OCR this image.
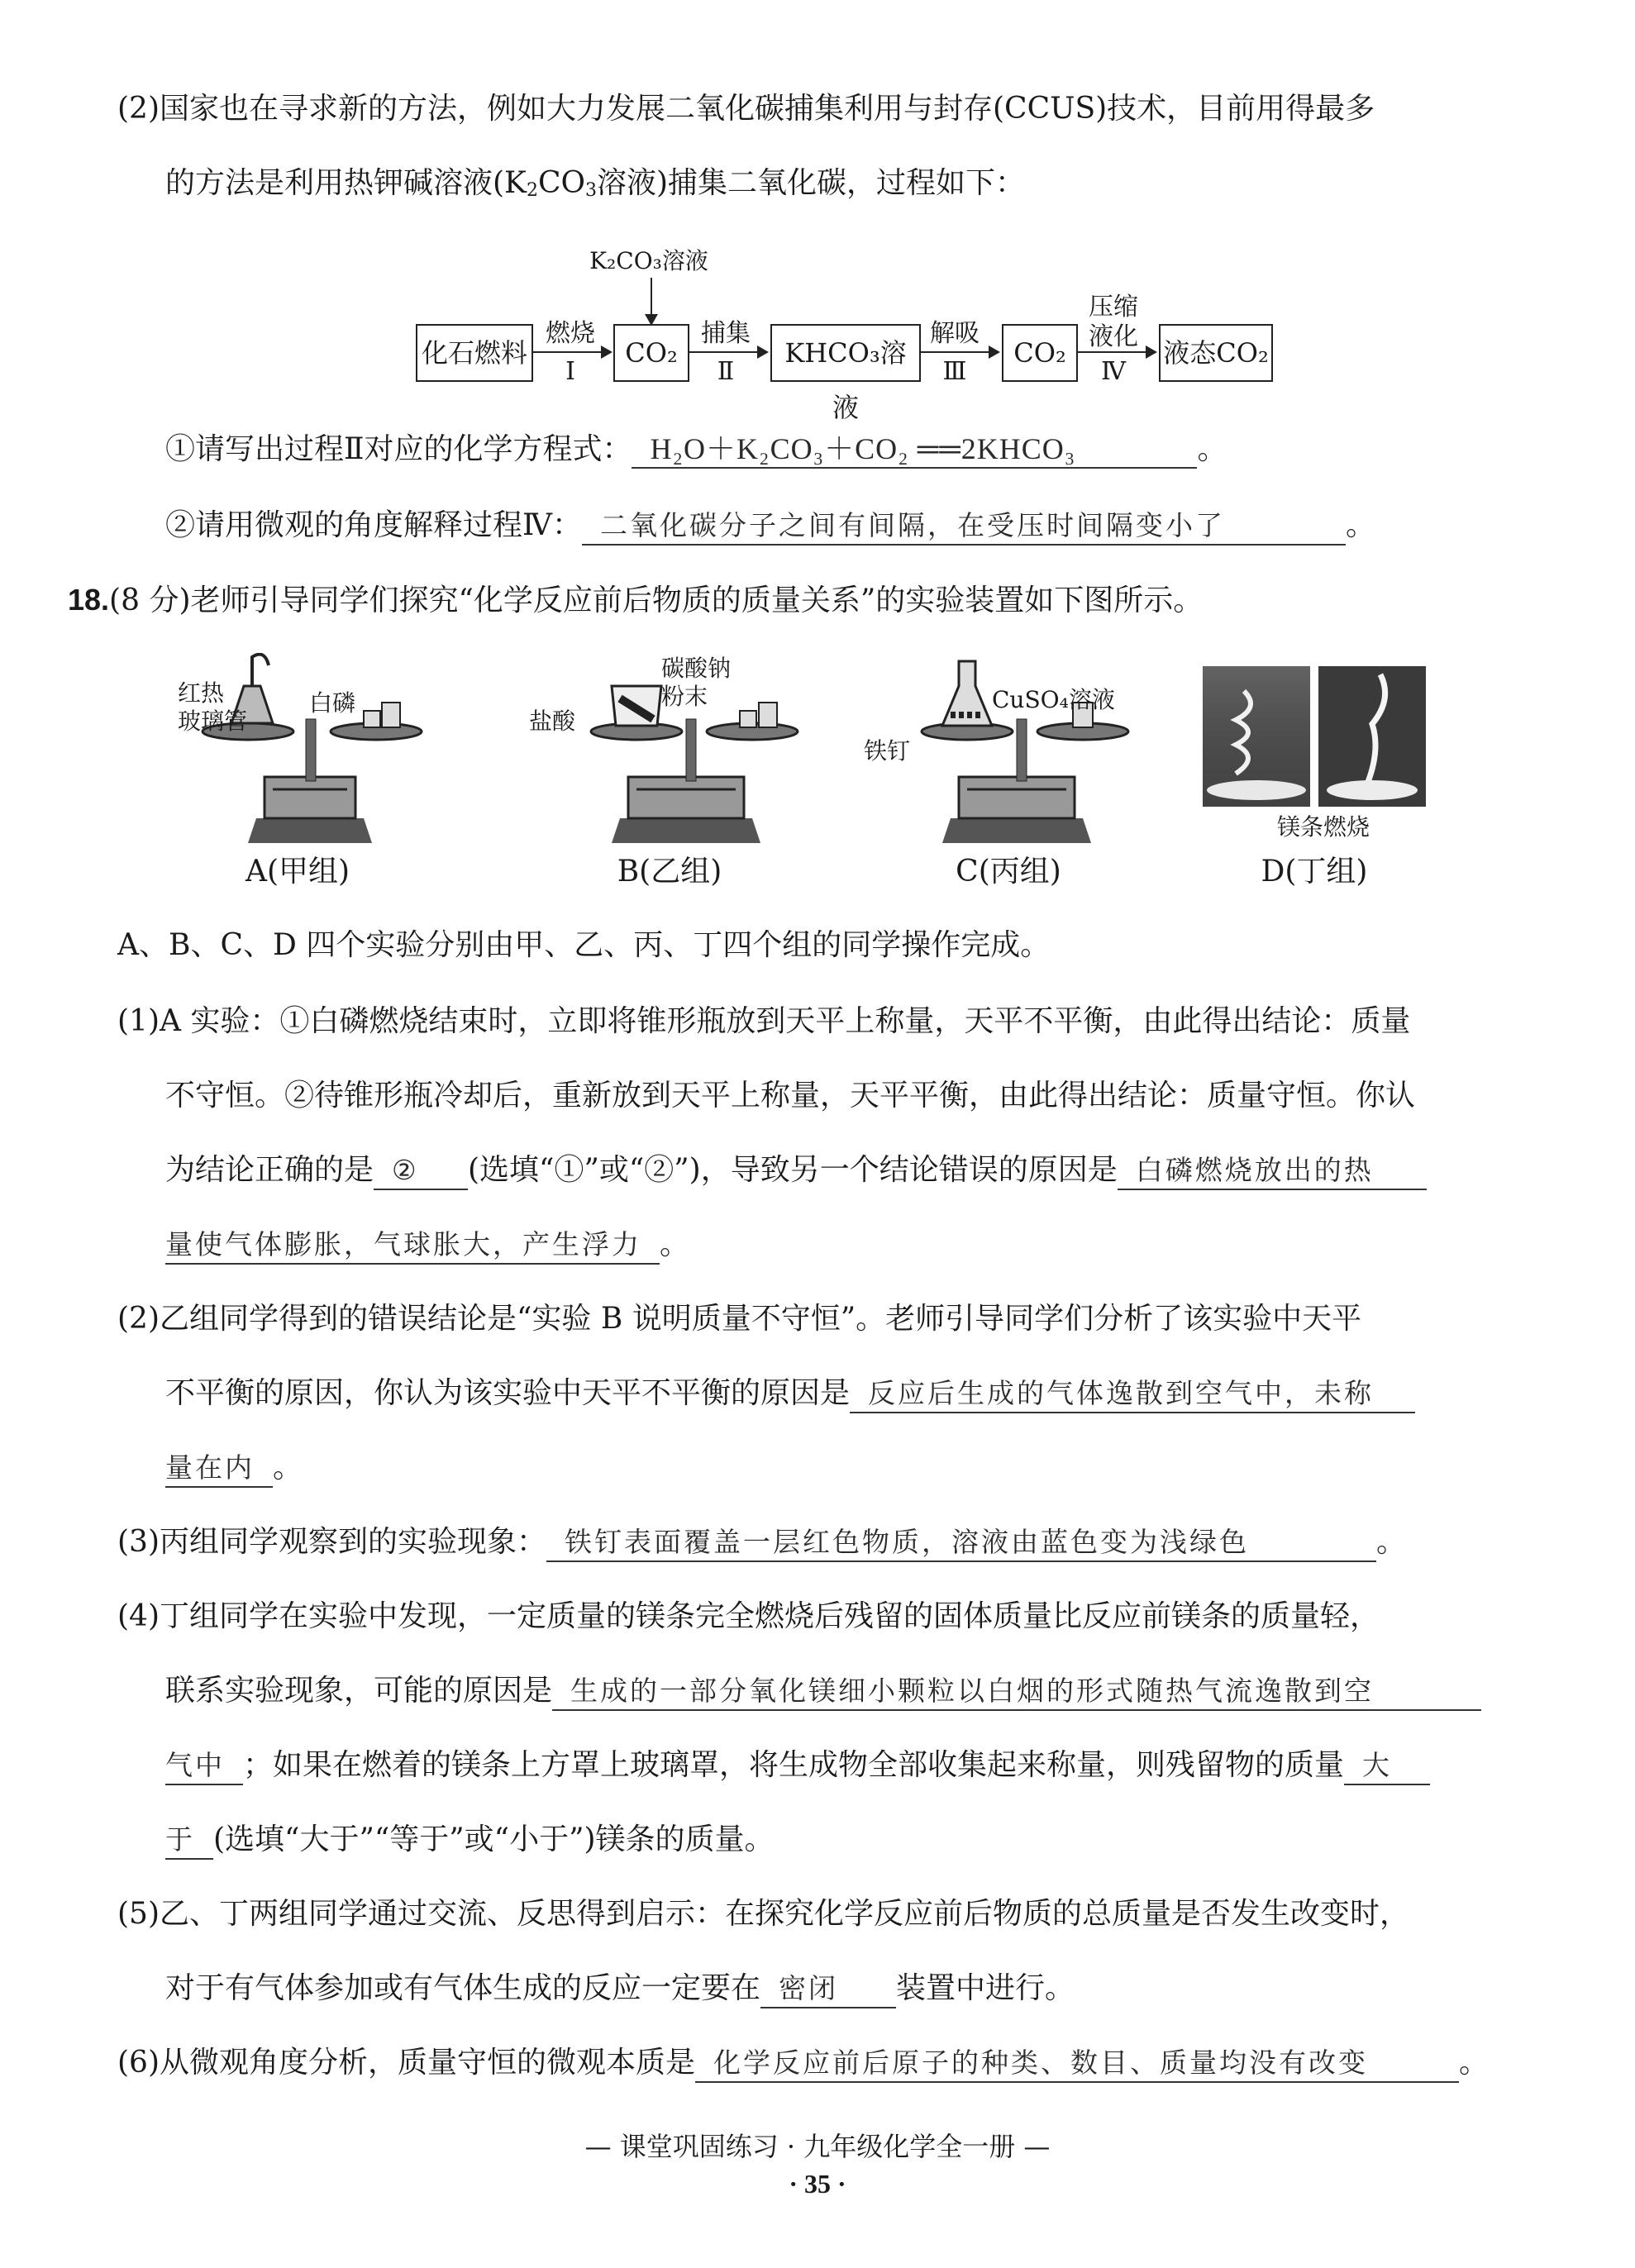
(2)国家也在寻求新的方法，例如大力发展二氧化碳捕集利用与封存(CCUS)技术，目前用得最多
的方法是利用热钾碱溶液($K_2CO_3$溶液)捕集二氧化碳，过程如下：
K₂CO₃溶液
化石燃料
燃烧
Ⅰ
CO₂
捕集
Ⅱ
KHCO₃溶液
解吸
Ⅲ
CO₂
压缩
液化
Ⅳ
液态CO₂
①请写出过程Ⅱ对应的化学方程式： H₂O＋K₂CO₃＋CO₂ ══2KHCO₃	。
②请用微观的角度解释过程Ⅳ： 二氧化碳分子之间有间隔，在受压时间隔变小了	。
18.(8 分)老师引导同学们探究“化学反应前后物质的质量关系”的实验装置如下图所示。
红热
玻璃管
白磷
A(甲组)
碳酸钠
粉末
盐酸
B(乙组)
CuSO₄溶液
铁钉
C(丙组)
镁条燃烧
D(丁组)
A、B、C、D 四个实验分别由甲、乙、丙、丁四个组的同学操作完成。
(1)A 实验：①白磷燃烧结束时，立即将锥形瓶放到天平上称量，天平不平衡，由此得出结论：质量
不守恒。②待锥形瓶冷却后，重新放到天平上称量，天平平衡，由此得出结论：质量守恒。你认
为结论正确的是 ② (选填“①”或“②”)，导致另一个结论错误的原因是 白磷燃烧放出的热
量使气体膨胀，气球胀大，产生浮力 。
(2)乙组同学得到的错误结论是“实验 B 说明质量不守恒”。老师引导同学们分析了该实验中天平
不平衡的原因，你认为该实验中天平不平衡的原因是 反应后生成的气体逸散到空气中，未称
量在内 。
(3)丙组同学观察到的实验现象： 铁钉表面覆盖一层红色物质，溶液由蓝色变为浅绿色	。
(4)丁组同学在实验中发现，一定质量的镁条完全燃烧后残留的固体质量比反应前镁条的质量轻，
联系实验现象，可能的原因是 生成的一部分氧化镁细小颗粒以白烟的形式随热气流逸散到空
气中 ；如果在燃着的镁条上方罩上玻璃罩，将生成物全部收集起来称量，则残留物的质量 大
于 (选填“大于”“等于”或“小于”)镁条的质量。
(5)乙、丁两组同学通过交流、反思得到启示：在探究化学反应前后物质的总质量是否发生改变时，
对于有气体参加或有气体生成的反应一定要在 密闭 装置中进行。
(6)从微观角度分析，质量守恒的微观本质是 化学反应前后原子的种类、数目、质量均没有改变	。
— 课堂巩固练习 · 九年级化学全一册 —
· 35 ·
